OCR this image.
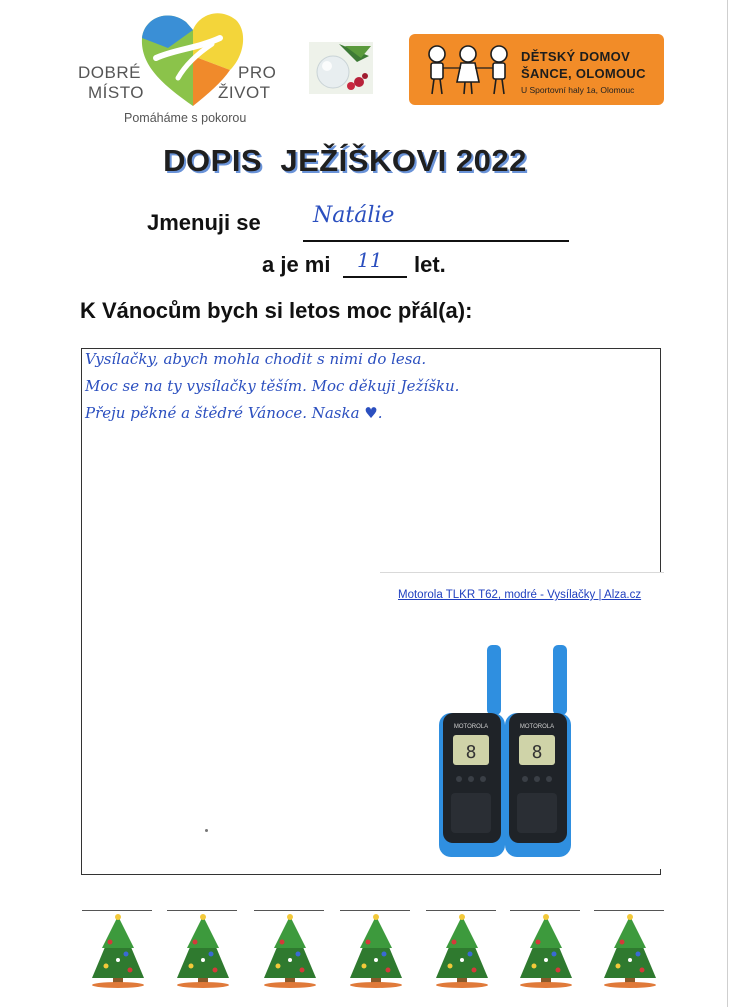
DOBRÉ	PRO
MÍSTO	ŽIVOT
Pomáháme s pokorou
DĚTSKÝ DOMOV
ŠANCE, OLOMOUC
U Sportovní haly 1a, Olomouc
DOPIS  JEŽÍŠKOVI 2022
Jmenuji se Natálie
a je mi 11 let.
K Vánocům bych si letos moc přál(a):
Vysílačky, abych mohla chodit s nimi do lesa.
Moc se na ty vysílačky těším. Moc děkuji Ježíšku.
Přeju pěkné a štědré Vánoce. Naska ♥.
Motorola TLKR T62, modré - Vysílačky | Alza.cz
MOTOROLA	MOTOROLA
8	8
